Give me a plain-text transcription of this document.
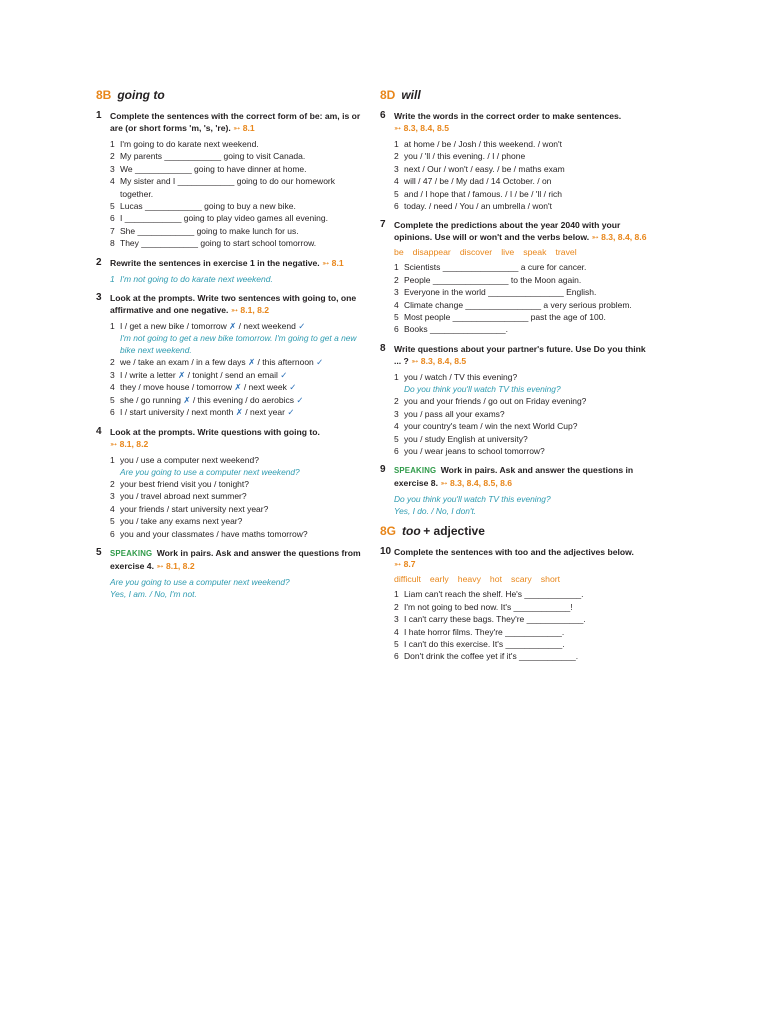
8B going to
1 Complete the sentences with the correct form of be: am, is or are (or short forms 'm, 's, 're). ➳ 8.1
1 I'm going to do karate next weekend.
2 My parents ____________ going to visit Canada.
3 We ____________ going to have dinner at home.
4 My sister and I ____________ going to do our homework together.
5 Lucas ____________ going to buy a new bike.
6 I ____________ going to play video games all evening.
7 She ____________ going to make lunch for us.
8 They ____________ going to start school tomorrow.
2 Rewrite the sentences in exercise 1 in the negative. ➳ 8.1
1 I'm not going to do karate next weekend.
3 Look at the prompts. Write two sentences with going to, one affirmative and one negative. ➳ 8.1, 8.2
1 I / get a new bike / tomorrow ✗ / next weekend ✓
I'm not going to get a new bike tomorrow. I'm going to get a new bike next weekend.
2 we / take an exam / in a few days ✗ / this afternoon ✓
3 I / write a letter ✗ / tonight / send an email ✓
4 they / move house / tomorrow ✗ / next week ✓
5 she / go running ✗ / this evening / do aerobics ✓
6 I / start university / next month ✗ / next year ✓
4 Look at the prompts. Write questions with going to.
➳ 8.1, 8.2
1 you / use a computer next weekend?
Are you going to use a computer next weekend?
2 your best friend visit you / tonight?
3 you / travel abroad next summer?
4 your friends / start university next year?
5 you / take any exams next year?
6 you and your classmates / have maths tomorrow?
5 SPEAKING Work in pairs. Ask and answer the questions from exercise 4. ➳ 8.1, 8.2
Are you going to use a computer next weekend?
Yes, I am. / No, I'm not.
8D will
6 Write the words in the correct order to make sentences.
➳ 8.3, 8.4, 8.5
1 at home / be / Josh / this weekend. / won't
2 you / 'll / this evening. / I / phone
3 next / Our / won't / easy. / be / maths exam
4 will / 47 / be / My dad / 14 October. / on
5 and / I hope that / famous. / I / be / 'll / rich
6 today. / need / You / an umbrella / won't
7 Complete the predictions about the year 2040 with your opinions. Use will or won't and the verbs below. ➳ 8.3, 8.4, 8.6
be disappear discover live speak travel
1 Scientists ________________ a cure for cancer.
2 People ________________ to the Moon again.
3 Everyone in the world ________________ English.
4 Climate change ________________ a very serious problem.
5 Most people ________________ past the age of 100.
6 Books ________________.
8 Write questions about your partner's future. Use Do you think ... ? ➳ 8.3, 8.4, 8.5
1 you / watch / TV this evening?
Do you think you'll watch TV this evening?
2 you and your friends / go out on Friday evening?
3 you / pass all your exams?
4 your country's team / win the next World Cup?
5 you / study English at university?
6 you / wear jeans to school tomorrow?
9 SPEAKING Work in pairs. Ask and answer the questions in exercise 8. ➳ 8.3, 8.4, 8.5, 8.6
Do you think you'll watch TV this evening?
Yes, I do. / No, I don't.
8G too + adjective
10 Complete the sentences with too and the adjectives below.
➳ 8.7
difficult early heavy hot scary short
1 Liam can't reach the shelf. He's ____________.
2 I'm not going to bed now. It's ____________!
3 I can't carry these bags. They're ____________.
4 I hate horror films. They're ____________.
5 I can't do this exercise. It's ____________.
6 Don't drink the coffee yet if it's ____________.
